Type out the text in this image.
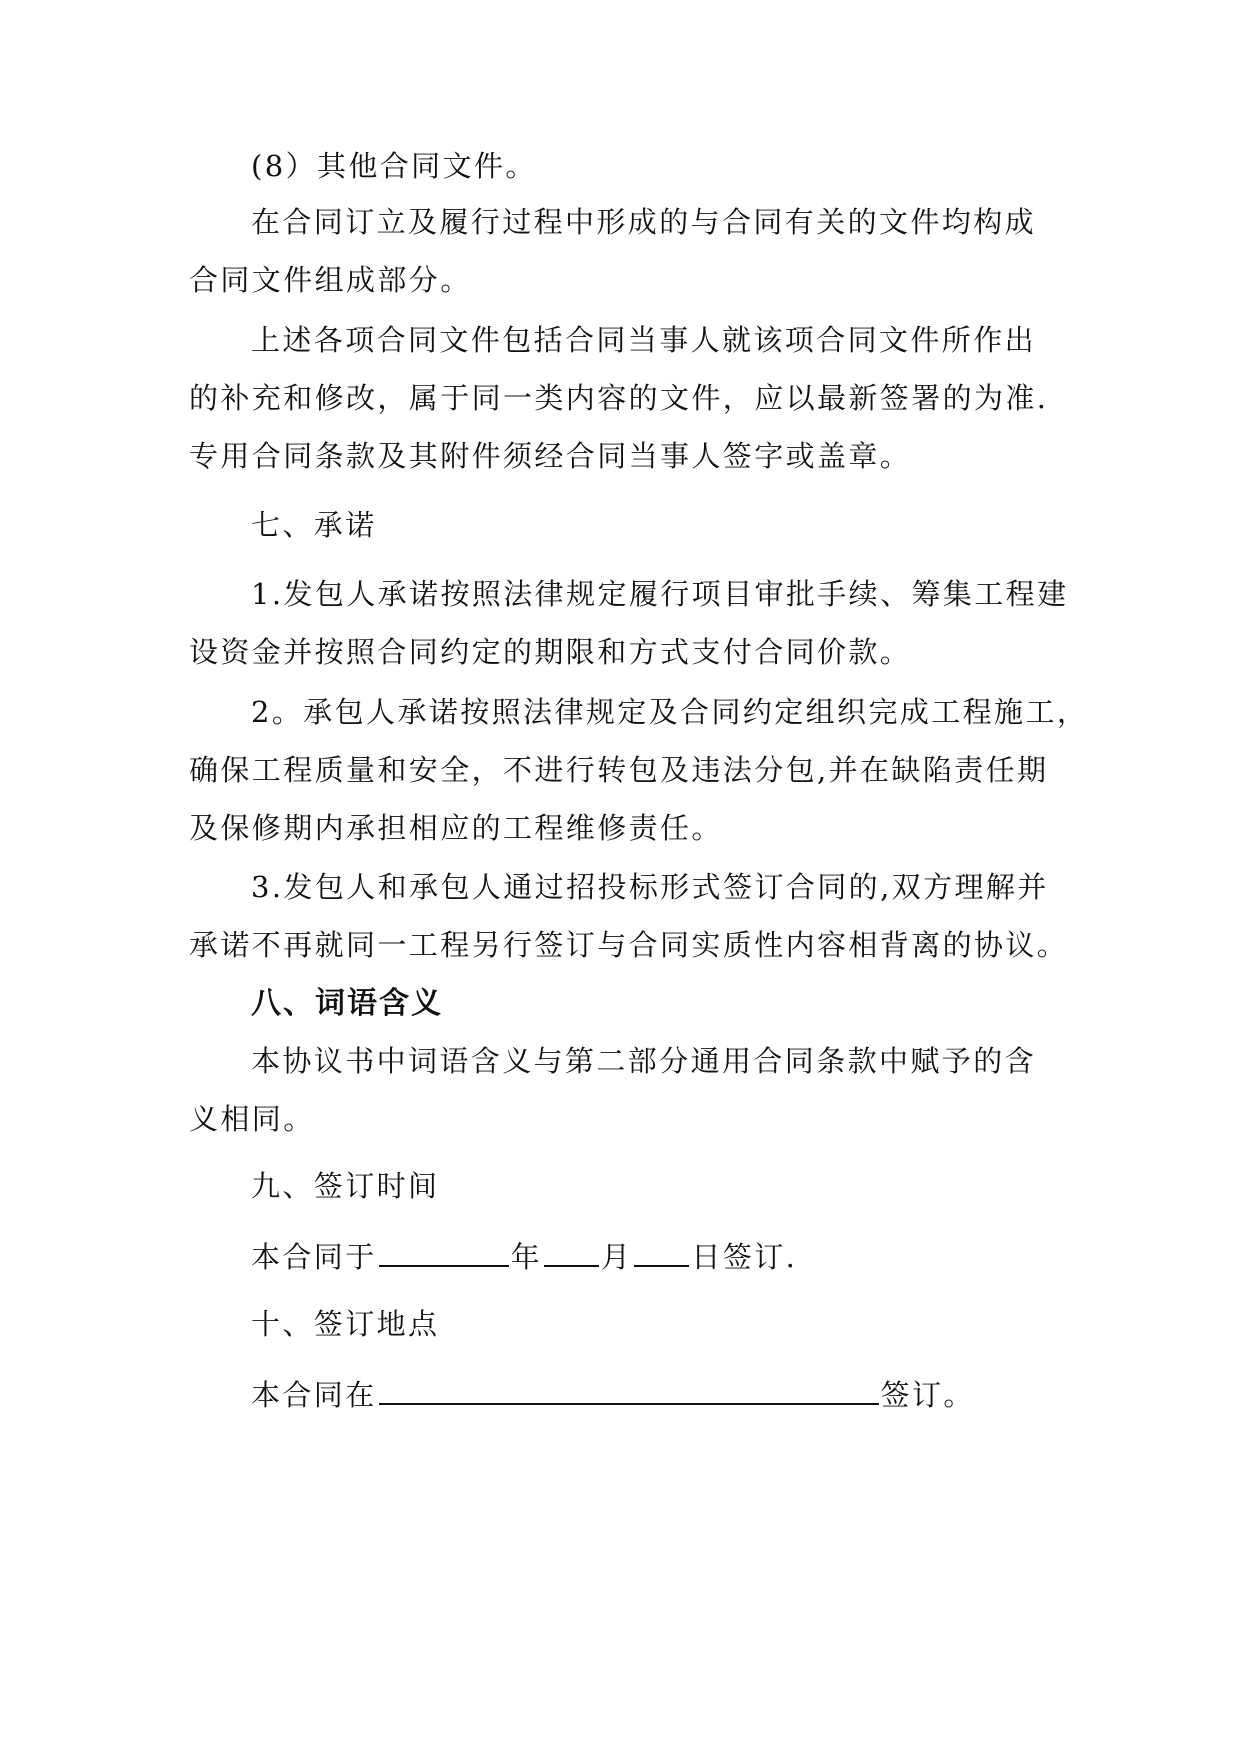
(8）其他合同文件。
在合同订立及履行过程中形成的与合同有关的文件均构成
合同文件组成部分。
上述各项合同文件包括合同当事人就该项合同文件所作出
的补充和修改，属于同一类内容的文件，应以最新签署的为准.
专用合同条款及其附件须经合同当事人签字或盖章。
七、承诺
1.发包人承诺按照法律规定履行项目审批手续、筹集工程建
设资金并按照合同约定的期限和方式支付合同价款。
2。承包人承诺按照法律规定及合同约定组织完成工程施工，
确保工程质量和安全，不进行转包及违法分包,并在缺陷责任期
及保修期内承担相应的工程维修责任。
3.发包人和承包人通过招投标形式签订合同的,双方理解并
承诺不再就同一工程另行签订与合同实质性内容相背离的协议。
八、词语含义
本协议书中词语含义与第二部分通用合同条款中赋予的含
义相同。
九、签订时间
本合同于	年 月 日签订.
十、签订地点
本合同在	签订。
